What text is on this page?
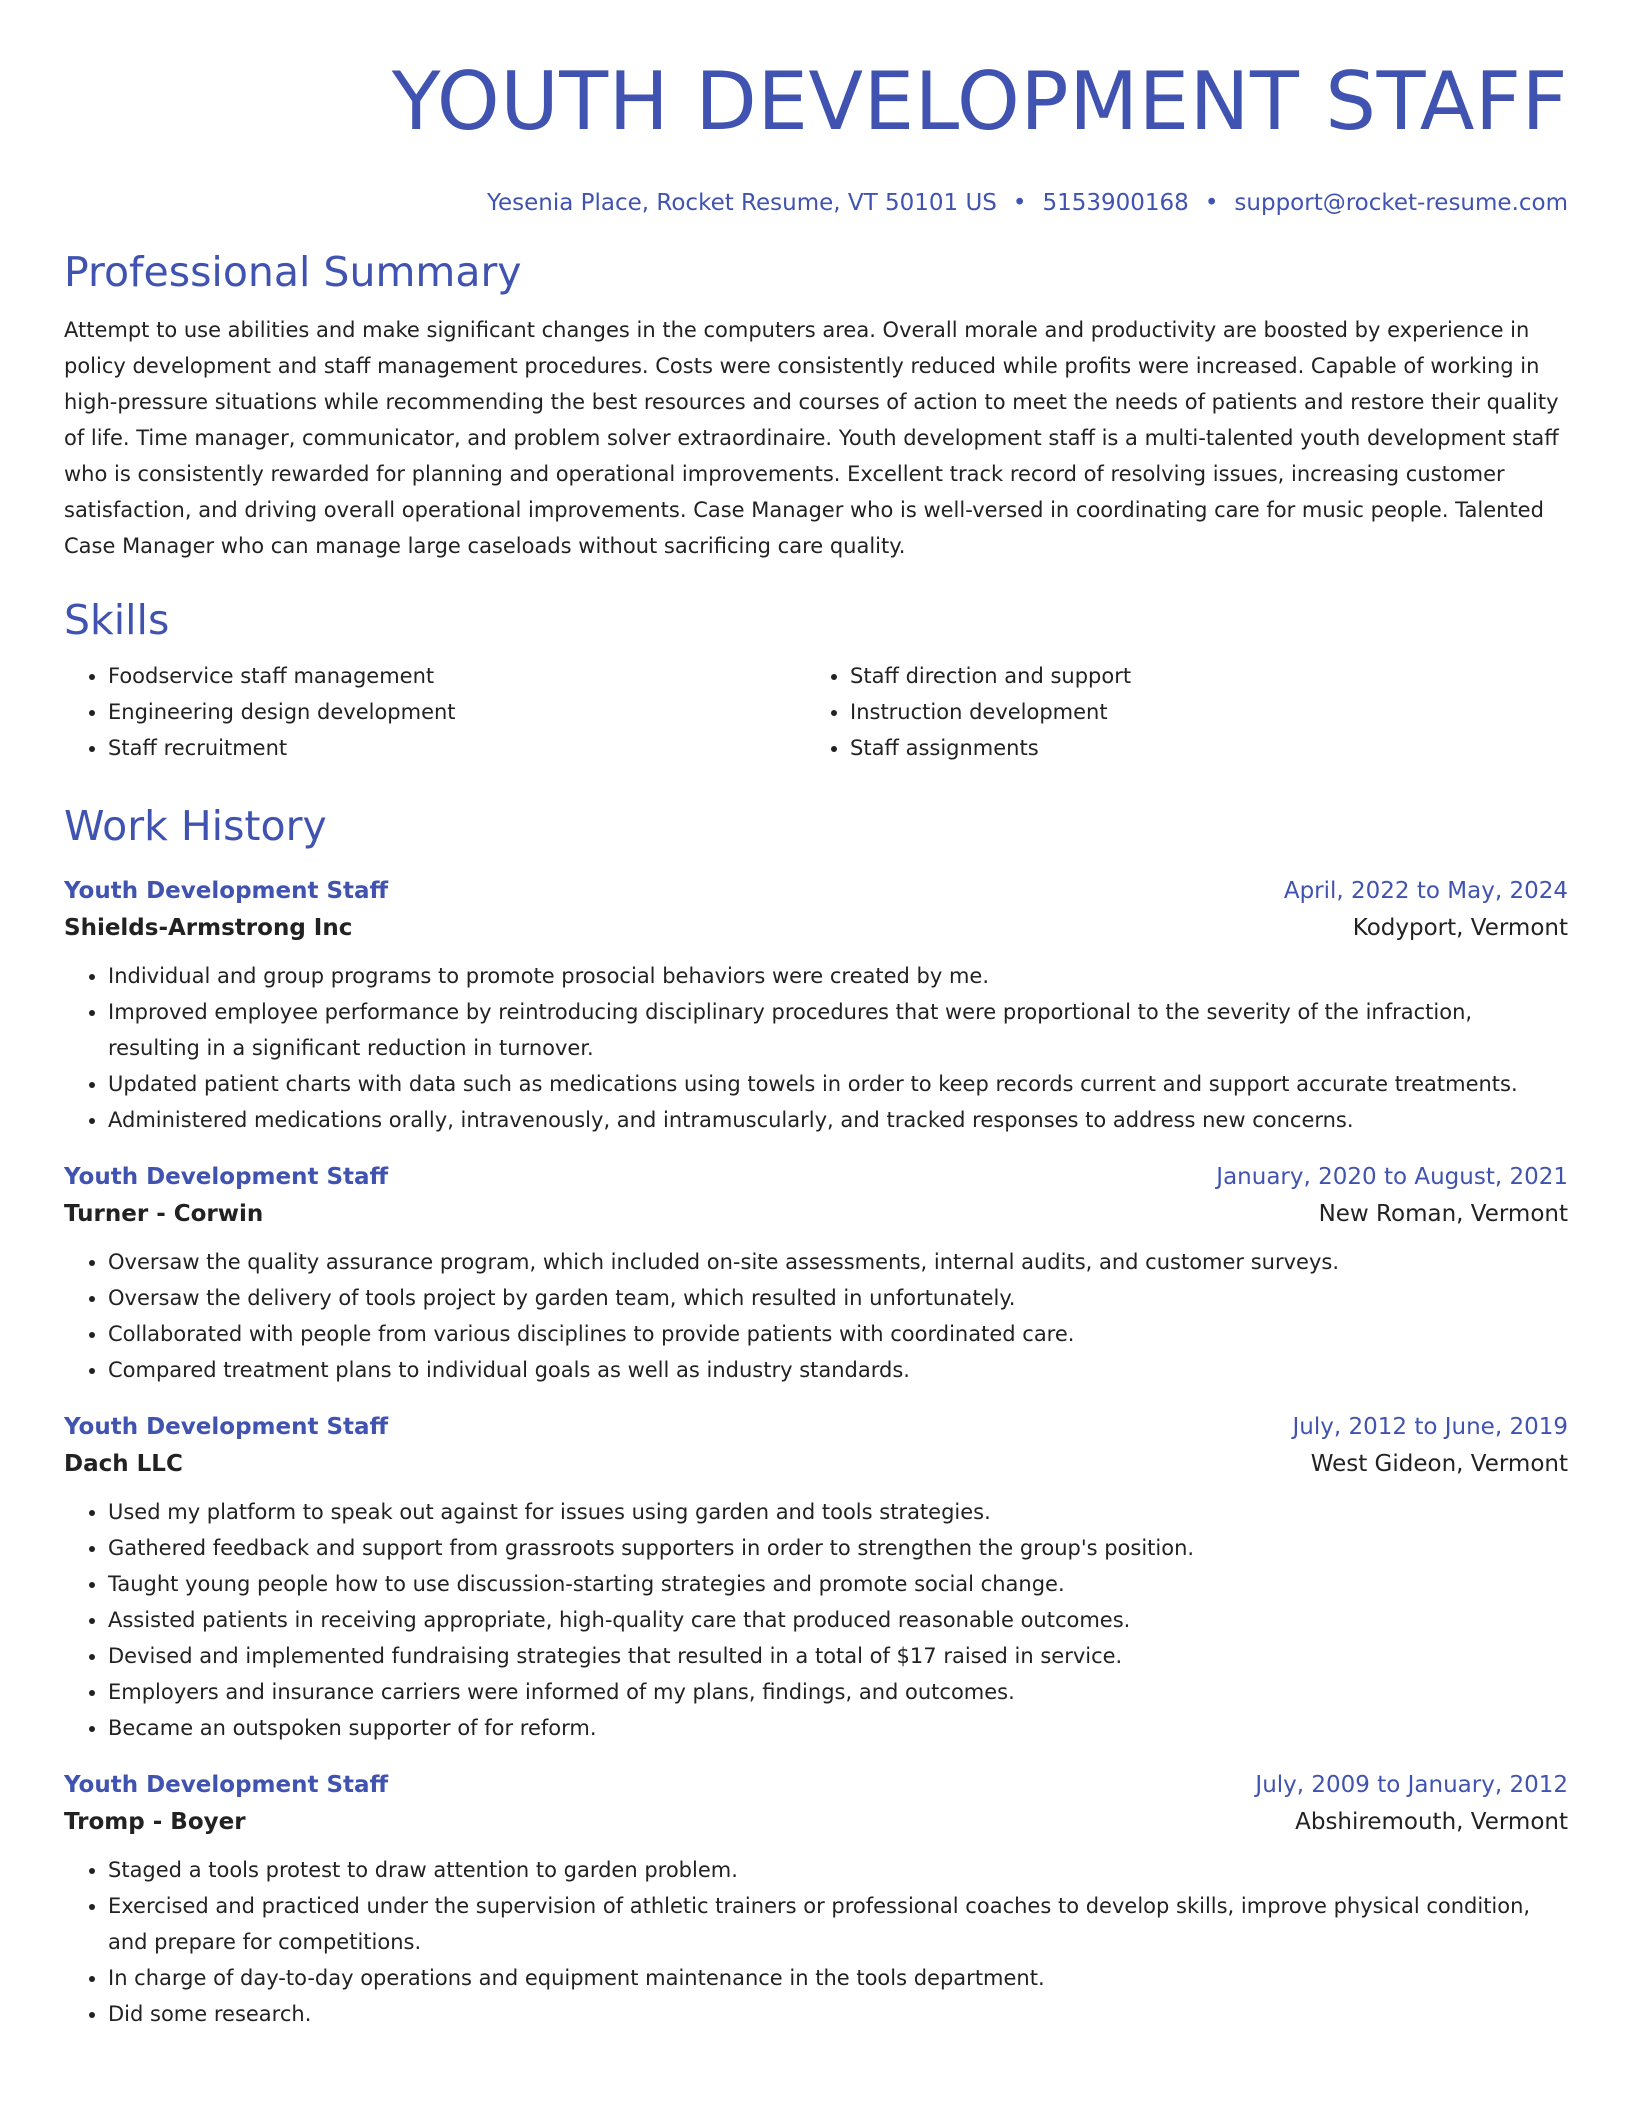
YOUTH DEVELOPMENT STAFF
Yesenia Place, Rocket Resume, VT 50101 US • 5153900168 • support@rocket-resume.com
Professional Summary

Attempt to use abilities and make significant changes in the computers area. Overall morale and productivity are boosted by experience in policy development and staff management procedures. Costs were consistently reduced while profits were increased. Capable of working in high-pressure situations while recommending the best resources and courses of action to meet the needs of patients and restore their quality of life. Time manager, communicator, and problem solver extraordinaire. Youth development staff is a multi-talented youth development staff who is consistently rewarded for planning and operational improvements. Excellent track record of resolving issues, increasing customer satisfaction, and driving overall operational improvements. Case Manager who is well-versed in coordinating care for music people. Talented Case Manager who can manage large caseloads without sacrificing care quality.

Skills
• Foodservice staff management
• Engineering design development
• Staff recruitment
• Staff direction and support
• Instruction development
• Staff assignments
Work History
Youth Development Staff	April, 2022 to May, 2024
Shields-Armstrong Inc	Kodyport, Vermont
• Individual and group programs to promote prosocial behaviors were created by me.
• Improved employee performance by reintroducing disciplinary procedures that were proportional to the severity of the infraction, resulting in a significant reduction in turnover.
• Updated patient charts with data such as medications using towels in order to keep records current and support accurate treatments.
• Administered medications orally, intravenously, and intramuscularly, and tracked responses to address new concerns.
Youth Development Staff	January, 2020 to August, 2021
Turner - Corwin	New Roman, Vermont
• Oversaw the quality assurance program, which included on-site assessments, internal audits, and customer surveys.
• Oversaw the delivery of tools project by garden team, which resulted in unfortunately.
• Collaborated with people from various disciplines to provide patients with coordinated care.
• Compared treatment plans to individual goals as well as industry standards.
Youth Development Staff	July, 2012 to June, 2019
Dach LLC	West Gideon, Vermont
• Used my platform to speak out against for issues using garden and tools strategies.
• Gathered feedback and support from grassroots supporters in order to strengthen the group's position.
• Taught young people how to use discussion-starting strategies and promote social change.
• Assisted patients in receiving appropriate, high-quality care that produced reasonable outcomes.
• Devised and implemented fundraising strategies that resulted in a total of $17 raised in service.
• Employers and insurance carriers were informed of my plans, findings, and outcomes.
• Became an outspoken supporter of for reform.
Youth Development Staff	July, 2009 to January, 2012
Tromp - Boyer	Abshiremouth, Vermont
• Staged a tools protest to draw attention to garden problem.
• Exercised and practiced under the supervision of athletic trainers or professional coaches to develop skills, improve physical condition, and prepare for competitions.
• In charge of day-to-day operations and equipment maintenance in the tools department.
• Did some research.
